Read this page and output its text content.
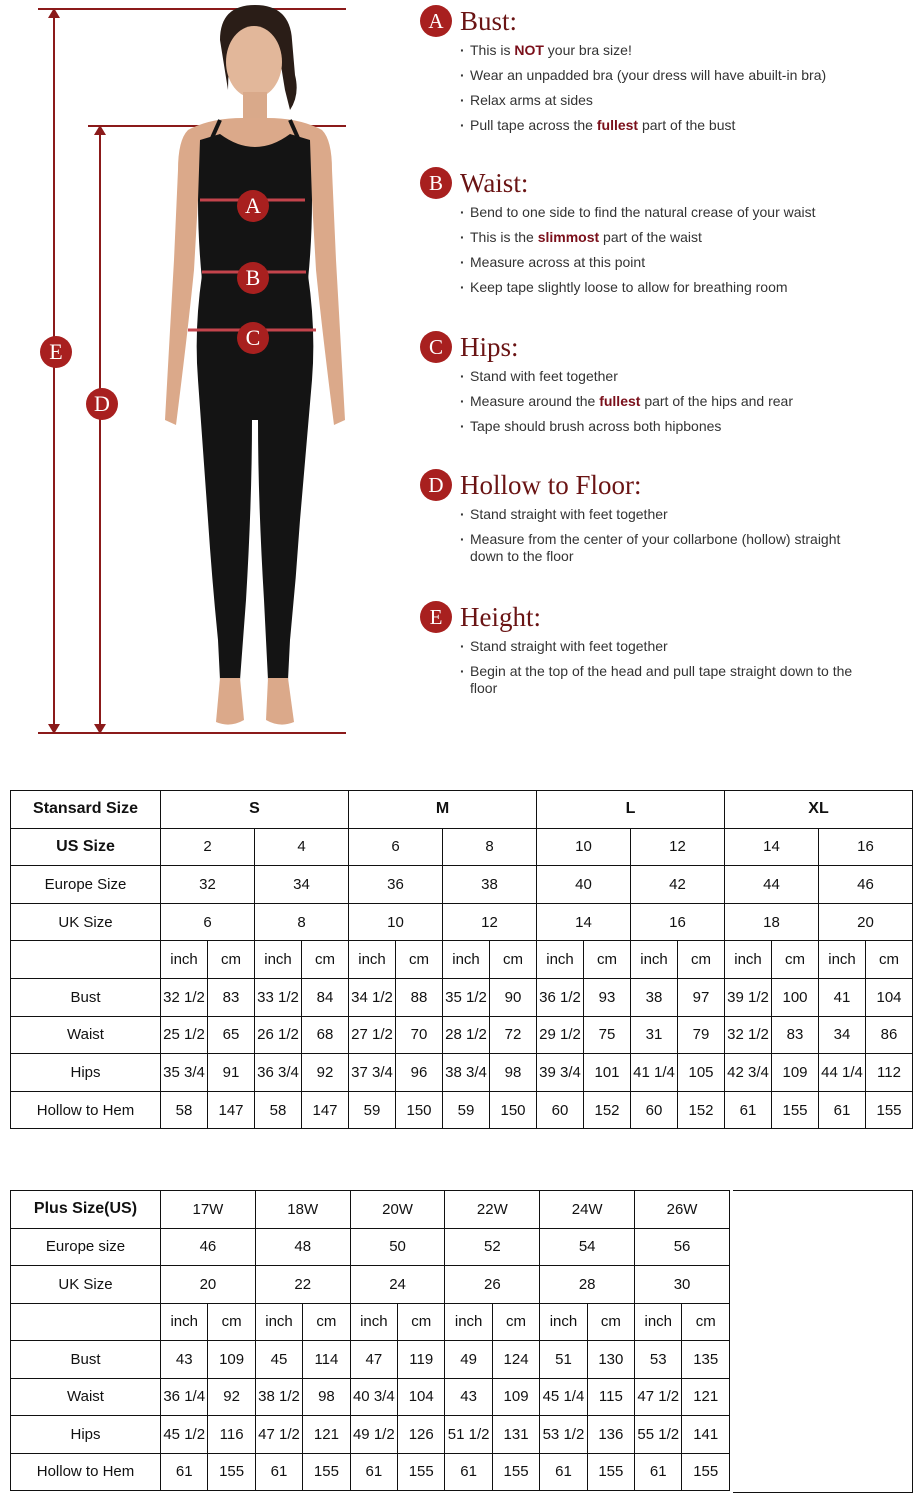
E
D
A
B
C
A Bust:
· This is NOT your bra size!
· Wear an unpadded bra (your dress will have abuilt-in bra)
· Relax arms at sides
· Pull tape across the fullest part of the bust
B Waist:
· Bend to one side to find the natural crease of your waist
· This is the slimmost part of the waist
· Measure across at this point
· Keep tape slightly loose to allow for breathing room
C Hips:
· Stand with feet together
· Measure around the fullest part of the hips and rear
· Tape should brush across both hipbones
D Hollow to Floor:
· Stand straight with feet together
· Measure from the center of your collarbone (hollow) straight down to the floor
E Height:
· Stand straight with feet together
· Begin at the top of the head and pull tape straight down to the floor
Stansard Size	S				M				L				XL			
US Size	2		4		6		8		10		12		14		16	
Europe Size	32		34		36		38		40		42		44		46	
UK Size	6		8		10		12		14		16		18		20	
	inch	cm	inch	cm	inch	cm	inch	cm	inch	cm	inch	cm	inch	cm	inch	cm
Bust	32 1/2	83	33 1/2	84	34 1/2	88	35 1/2	90	36 1/2	93	38	97	39 1/2	100	41	104
Waist	25 1/2	65	26 1/2	68	27 1/2	70	28 1/2	72	29 1/2	75	31	79	32 1/2	83	34	86
Hips	35 3/4	91	36 3/4	92	37 3/4	96	38 3/4	98	39 3/4	101	41 1/4	105	42 3/4	109	44 1/4	112
Hollow to Hem	58	147	58	147	59	150	59	150	60	152	60	152	61	155	61	155
Plus Size(US)	17W		18W		20W		22W		24W		26W	
Europe size	46		48		50		52		54		56	
UK Size	20		22		24		26		28		30	
	inch	cm	inch	cm	inch	cm	inch	cm	inch	cm	inch	cm
Bust	43	109	45	114	47	119	49	124	51	130	53	135
Waist	36 1/4	92	38 1/2	98	40 3/4	104	43	109	45 1/4	115	47 1/2	121
Hips	45 1/2	116	47 1/2	121	49 1/2	126	51 1/2	131	53 1/2	136	55 1/2	141
Hollow to Hem	61	155	61	155	61	155	61	155	61	155	61	155
